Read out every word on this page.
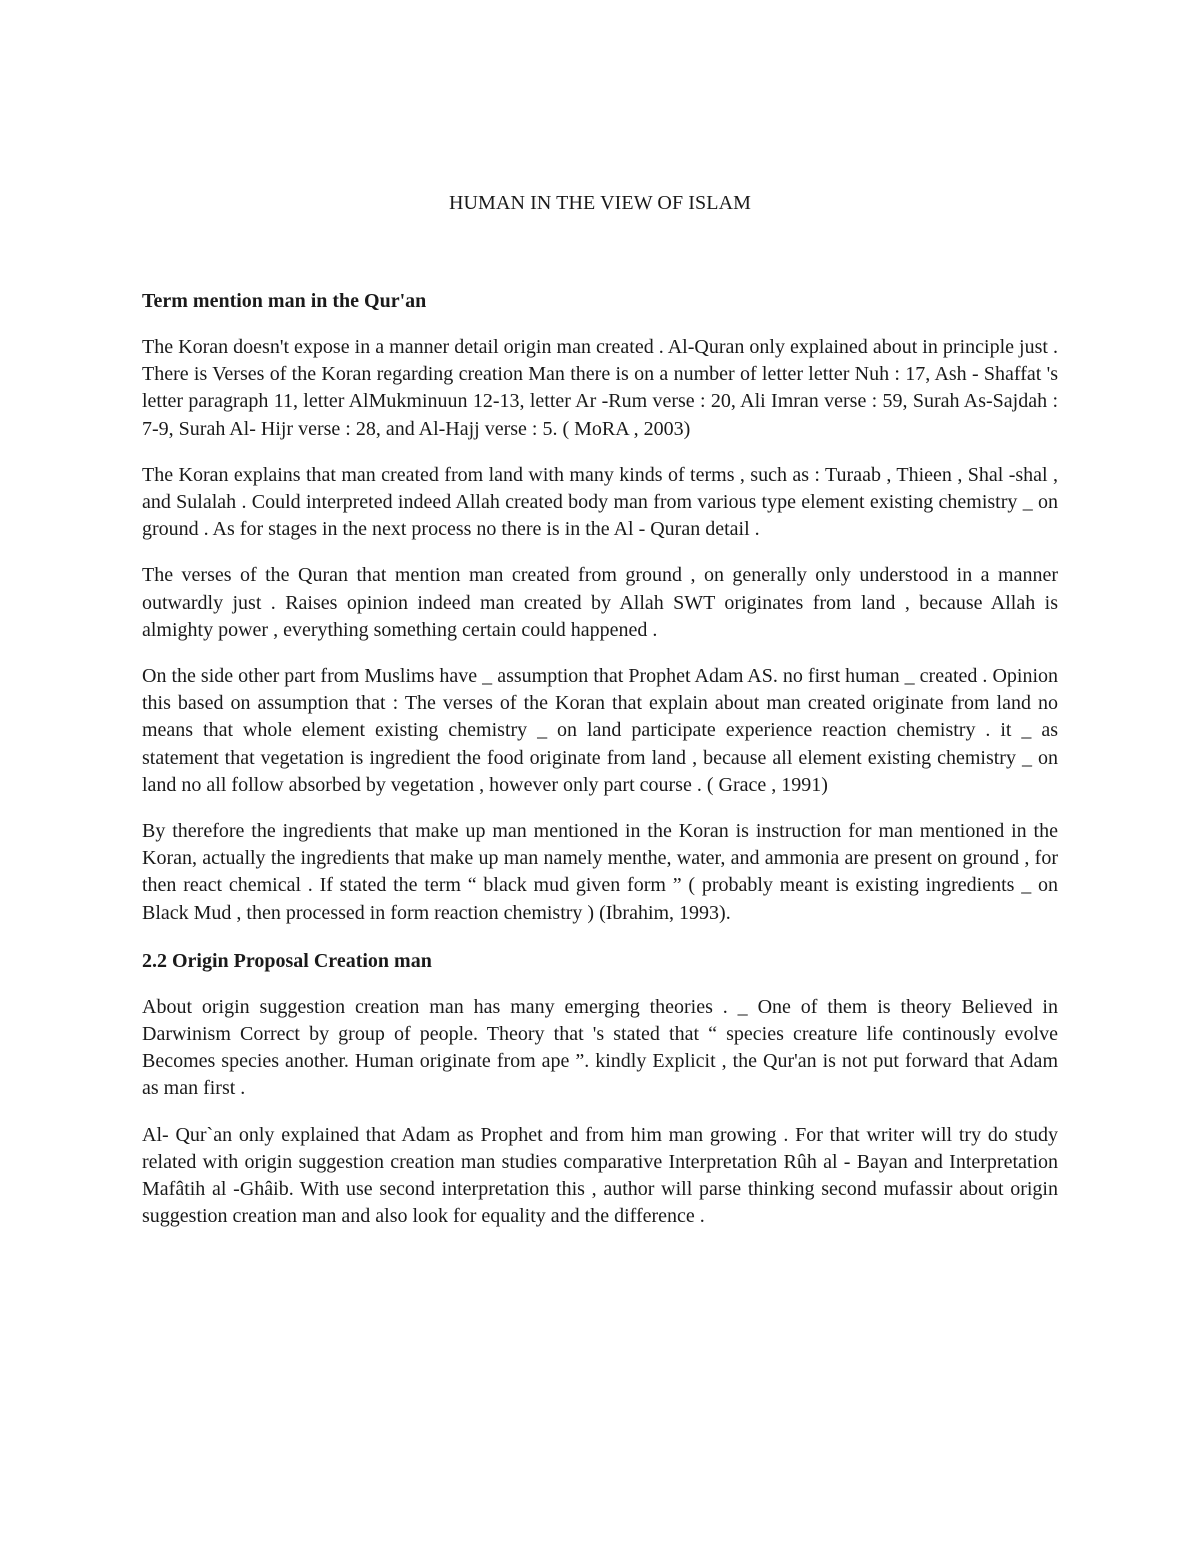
HUMAN IN THE VIEW OF ISLAM
Term mention man in the Qur'an

The Koran doesn't expose in a manner detail origin man created . Al-Quran only explained about in principle just . There is Verses of the Koran regarding creation Man there is on a number of letter letter Nuh : 17, Ash - Shaffat 's letter paragraph 11, letter AlMukminuun 12-13, letter Ar -Rum verse : 20, Ali Imran verse : 59, Surah As-Sajdah : 7-9, Surah Al- Hijr verse : 28, and Al-Hajj verse : 5. ( MoRA , 2003)

The Koran explains that man created from land with many kinds of terms , such as : Turaab , Thieen , Shal -shal , and Sulalah . Could interpreted indeed Allah created body man from various type element existing chemistry _ on ground . As for stages in the next process no there is in the Al - Quran detail .

The verses of the Quran that mention man created from ground , on generally only understood in a manner outwardly just . Raises opinion indeed man created by Allah SWT originates from land , because Allah is almighty power , everything something certain could happened .

On the side other part from Muslims have _ assumption that Prophet Adam AS. no first human _ created . Opinion this based on assumption that : The verses of the Koran that explain about man created originate from land no means that whole element existing chemistry _ on land participate experience reaction chemistry . it _ as statement that vegetation is ingredient the food originate from land , because all element existing chemistry _ on land no all follow absorbed by vegetation , however only part course . ( Grace , 1991)

By therefore the ingredients that make up man mentioned in the Koran is instruction for man mentioned in the Koran, actually the ingredients that make up man namely menthe, water, and ammonia are present on ground , for then react chemical . If stated the term “ black mud given form ” ( probably meant is existing ingredients _ on Black Mud , then processed in form reaction chemistry ) (Ibrahim, 1993).

2.2 Origin Proposal Creation man

About origin suggestion creation man has many emerging theories . _ One of them is theory Believed in Darwinism Correct by group of people. Theory that 's stated that “ species creature life continously evolve Becomes species another. Human originate from ape ”. kindly Explicit , the Qur'an is not put forward that Adam as man first .

Al- Qur`an only explained that Adam as Prophet and from him man growing . For that writer will try do study related with origin suggestion creation man studies comparative Interpretation Rûh al - Bayan and Interpretation Mafâtih al -Ghâib. With use second interpretation this , author will parse thinking second mufassir about origin suggestion creation man and also look for equality and the difference .
